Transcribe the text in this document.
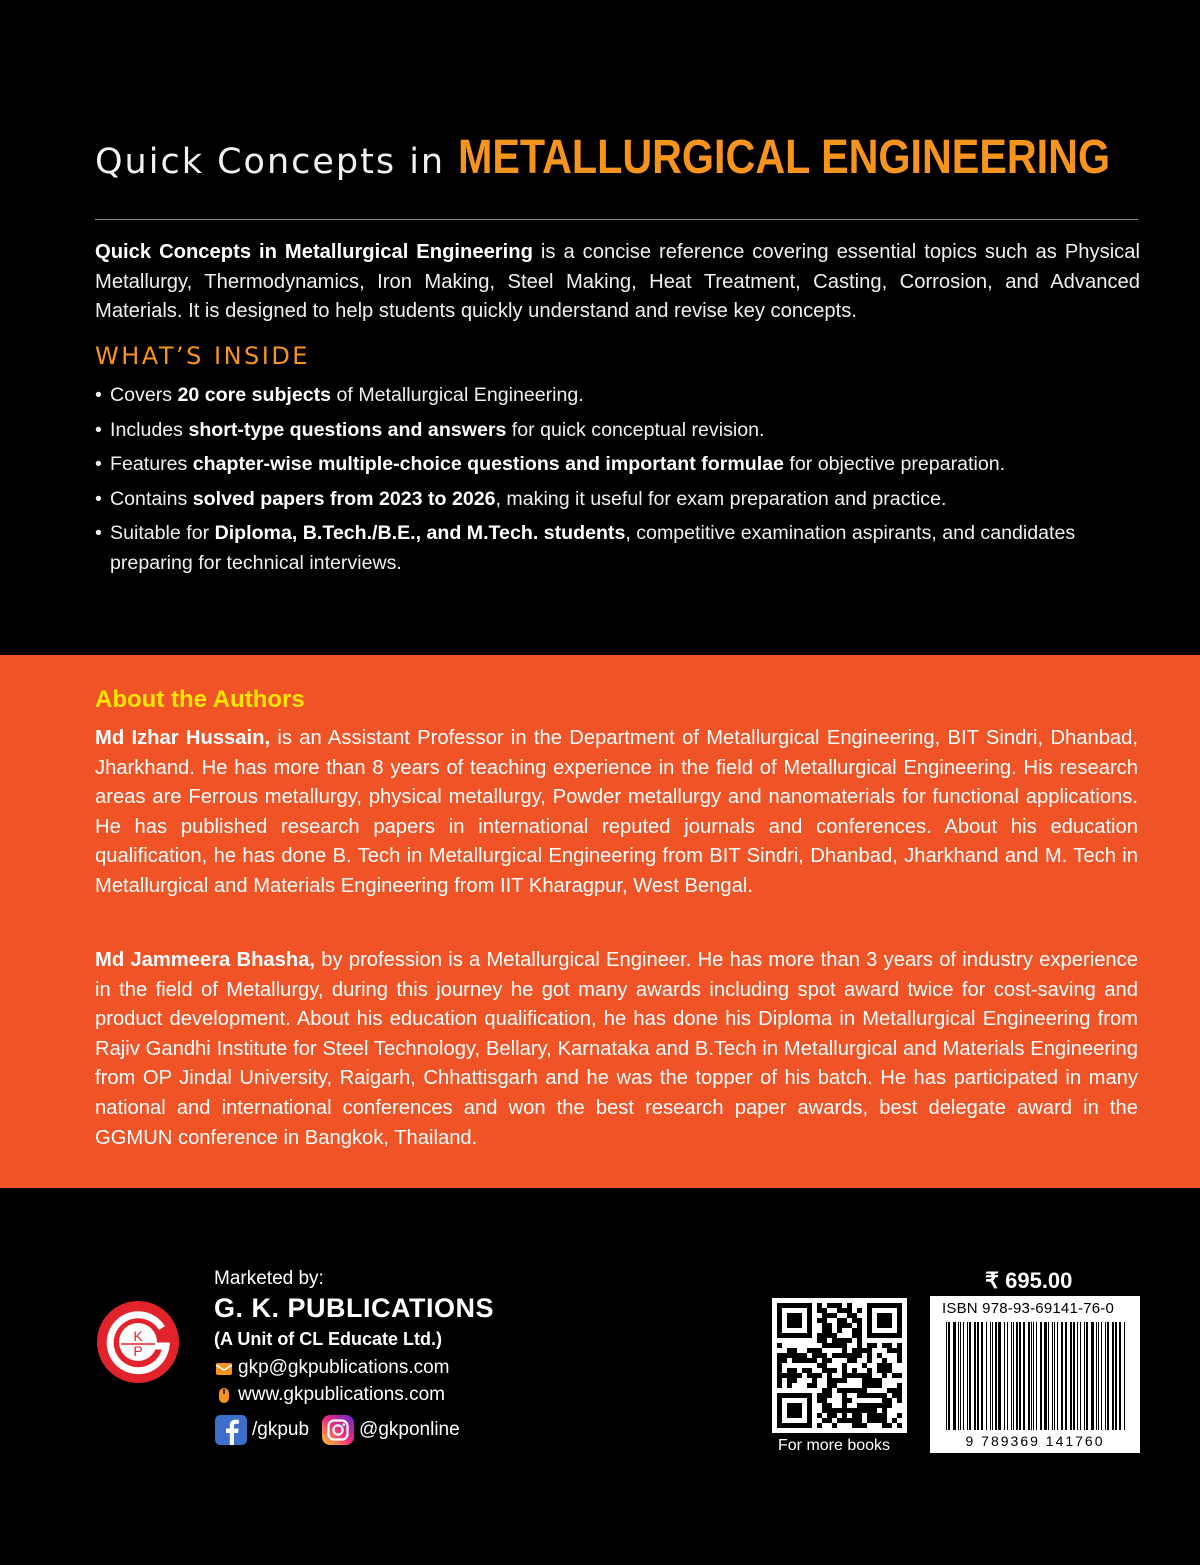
Quick Concepts in METALLURGICAL ENGINEERING

Quick Concepts in Metallurgical Engineering is a concise reference covering essential topics such as Physical Metallurgy, Thermodynamics, Iron Making, Steel Making, Heat Treatment, Casting, Corrosion, and Advanced Materials. It is designed to help students quickly understand and revise key concepts.

WHAT’S INSIDE
• Covers 20 core subjects of Metallurgical Engineering.
• Includes short-type questions and answers for quick conceptual revision.
• Features chapter-wise multiple-choice questions and important formulae for objective preparation.
• Contains solved papers from 2023 to 2026, making it useful for exam preparation and practice.
• Suitable for Diploma, B.Tech./B.E., and M.Tech. students, competitive examination aspirants, and candidates preparing for technical interviews.
About the Authors

Md Izhar Hussain, is an Assistant Professor in the Department of Metallurgical Engineering, BIT Sindri, Dhanbad, Jharkhand. He has more than 8 years of teaching experience in the field of Metallurgical Engineering. His research areas are Ferrous metallurgy, physical metallurgy, Powder metallurgy and nanomaterials for functional applications. He has published research papers in international reputed journals and conferences. About his education qualification, he has done B. Tech in Metallurgical Engineering from BIT Sindri, Dhanbad, Jharkhand and M. Tech in Metallurgical and Materials Engineering from IIT Kharagpur, West Bengal.

Md Jammeera Bhasha, by profession is a Metallurgical Engineer. He has more than 3 years of industry experience in the field of Metallurgy, during this journey he got many awards including spot award twice for cost-saving and product development. About his education qualification, he has done his Diploma in Metallurgical Engineering from Rajiv Gandhi Institute for Steel Technology, Bellary, Karnataka and B.Tech in Metallurgical and Materials Engineering from OP Jindal University, Raigarh, Chhattisgarh and he was the topper of his batch. He has participated in many national and international conferences and won the best research paper awards, best delegate award in the GGMUN conference in Bangkok, Thailand.

K
P
Marketed by:
G. K. PUBLICATIONS
(A Unit of CL Educate Ltd.)
gkp@gkpublications.com
www.gkpublications.com
/gkpub	@gkponline
For more books
₹ 695.00
ISBN 978-93-69141-76-0
9 789369 141760
